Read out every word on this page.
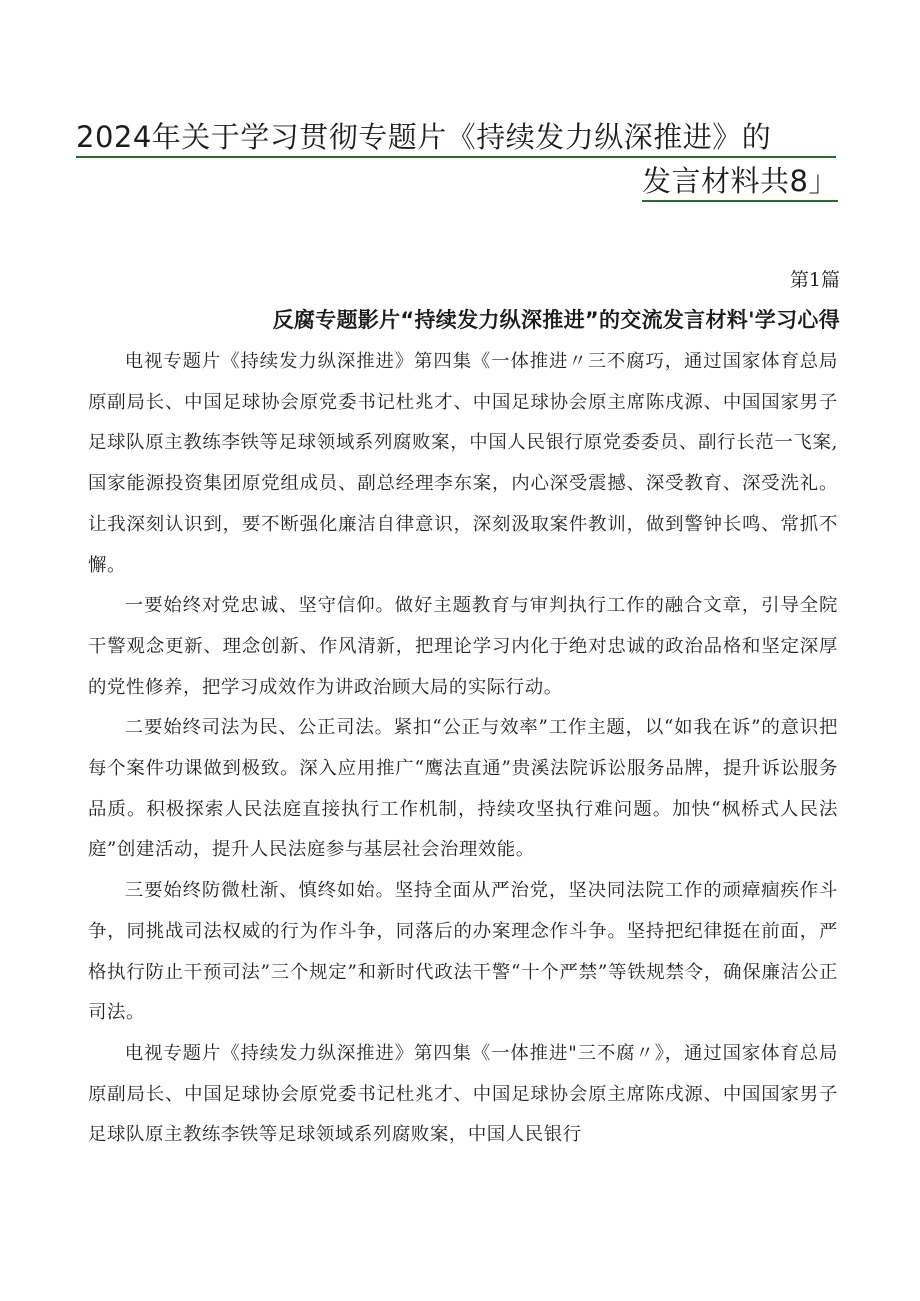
2024年关于学习贯彻专题片《持续发力纵深推进》的
发言材料共8」
第1篇
反腐专题影片“持续发力纵深推进”的交流发言材料'学习心得

电视专题片《持续发力纵深推进》第四集《一体推进〃三不腐巧，通过国家体育总局原副局长、中国足球协会原党委书记杜兆才、中国足球协会原主席陈戌源、中国国家男子足球队原主教练李铁等足球领域系列腐败案，中国人民银行原党委委员、副行长范一飞案,国家能源投资集团原党组成员、副总经理李东案，内心深受震撼、深受教育、深受洗礼。让我深刻认识到，要不断强化廉洁自律意识，深刻汲取案件教训，做到警钟长鸣、常抓不懈。

一要始终对党忠诚、坚守信仰。做好主题教育与审判执行工作的融合文章，引导全院干警观念更新、理念创新、作风清新，把理论学习内化于绝对忠诚的政治品格和坚定深厚的党性修养，把学习成效作为讲政治顾大局的实际行动。

二要始终司法为民、公正司法。紧扣“公正与效率”工作主题，以“如我在诉”的意识把每个案件功课做到极致。深入应用推广“鹰法直通”贵溪法院诉讼服务品牌，提升诉讼服务品质。积极探索人民法庭直接执行工作机制，持续攻坚执行难问题。加快“枫桥式人民法庭”创建活动，提升人民法庭参与基层社会治理效能。

三要始终防微杜渐、慎终如始。坚持全面从严治党，坚决同法院工作的顽瘴痼疾作斗争，同挑战司法权威的行为作斗争，同落后的办案理念作斗争。坚持把纪律挺在前面，严格执行防止干预司法”三个规定”和新时代政法干警“十个严禁”等铁规禁令，确保廉洁公正司法。

电视专题片《持续发力纵深推进》第四集《一体推进"三不腐〃》，通过国家体育总局原副局长、中国足球协会原党委书记杜兆才、中国足球协会原主席陈戌源、中国国家男子足球队原主教练李铁等足球领域系列腐败案，中国人民银行
